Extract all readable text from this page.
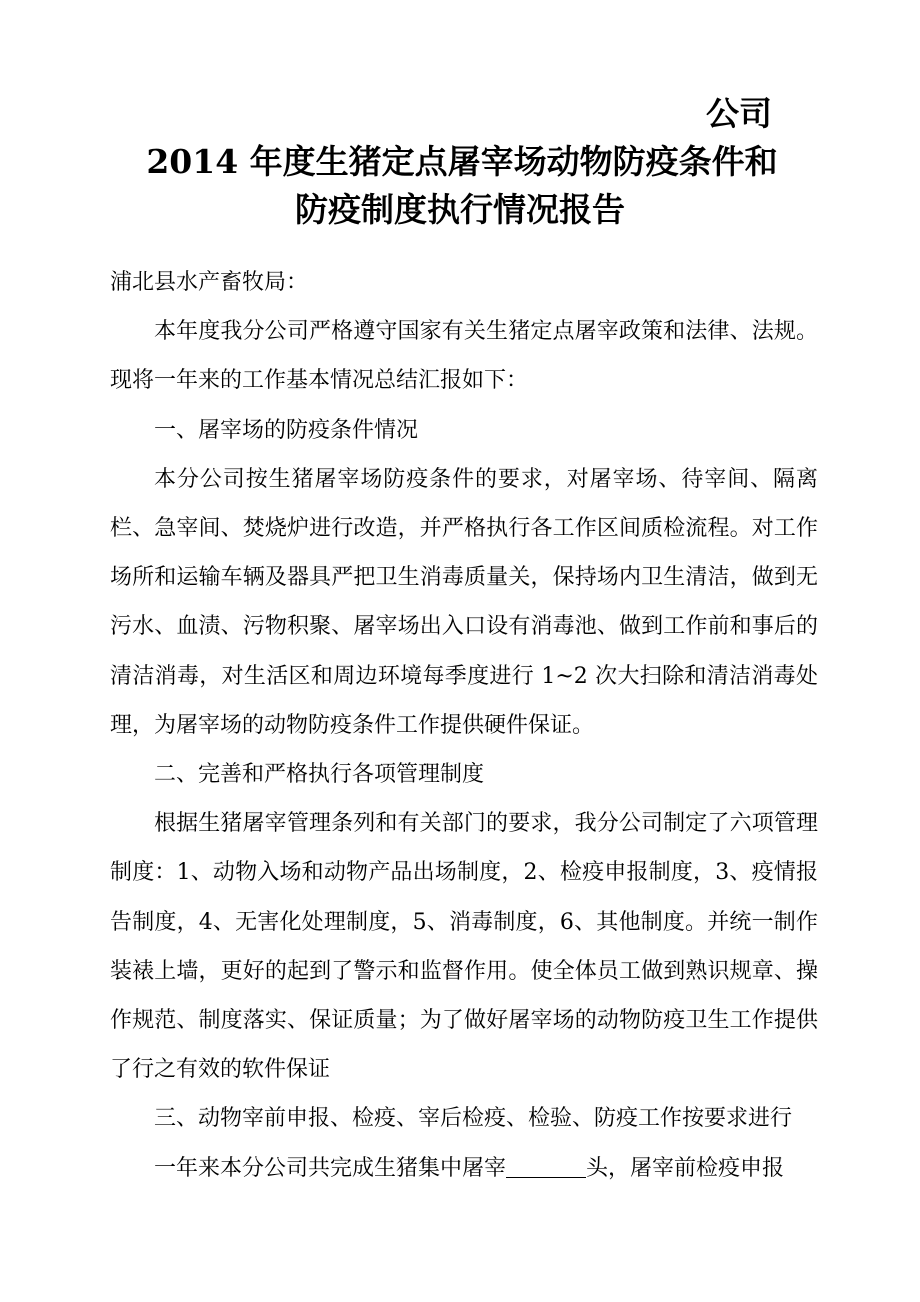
公司
2014 年度生猪定点屠宰场动物防疫条件和
防疫制度执行情况报告

浦北县水产畜牧局：

本年度我分公司严格遵守国家有关生猪定点屠宰政策和法律、法规。现将一年来的工作基本情况总结汇报如下：

一、屠宰场的防疫条件情况

本分公司按生猪屠宰场防疫条件的要求，对屠宰场、待宰间、隔离栏、急宰间、焚烧炉进行改造，并严格执行各工作区间质检流程。对工作场所和运输车辆及器具严把卫生消毒质量关，保持场内卫生清洁，做到无污水、血渍、污物积聚、屠宰场出入口设有消毒池、做到工作前和事后的清洁消毒，对生活区和周边环境每季度进行 1~2 次大扫除和清洁消毒处理，为屠宰场的动物防疫条件工作提供硬件保证。

二、完善和严格执行各项管理制度

根据生猪屠宰管理条列和有关部门的要求，我分公司制定了六项管理制度：1、动物入场和动物产品出场制度，2、检疫申报制度，3、疫情报告制度，4、无害化处理制度，5、消毒制度，6、其他制度。并统一制作装裱上墙，更好的起到了警示和监督作用。使全体员工做到熟识规章、操作规范、制度落实、保证质量；为了做好屠宰场的动物防疫卫生工作提供了行之有效的软件保证

三、动物宰前申报、检疫、宰后检疫、检验、防疫工作按要求进行

一年来本分公司共完成生猪集中屠宰	头，屠宰前检疫申报
